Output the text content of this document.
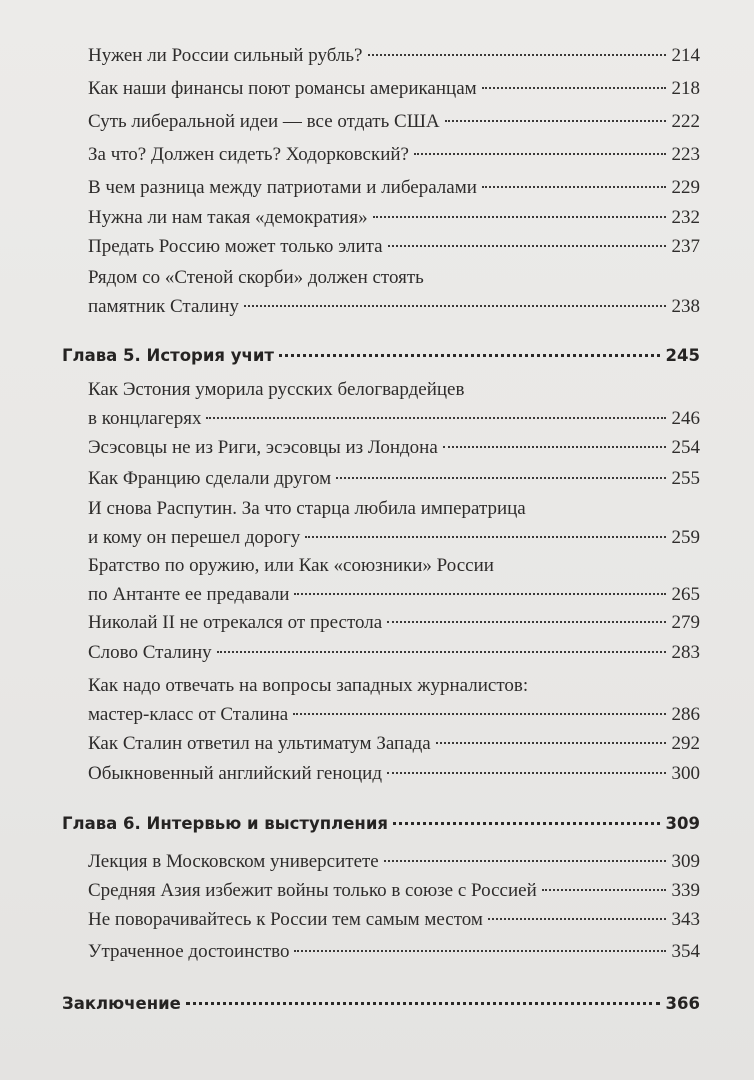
Нужен ли России сильный рубль?	214
Как наши финансы поют романсы американцам	218
Суть либеральной идеи — все отдать США	222
За что? Должен сидеть? Ходорковский?	223
В чем разница между патриотами и либералами	229
Нужна ли нам такая «демократия»	232
Предать Россию может только элита	237
Рядом со «Стеной скорби» должен стоять
памятник Сталину	238
Глава 5. История учит	245
Как Эстония уморила русских белогвардейцев
в концлагерях	246
Эсэсовцы не из Риги, эсэсовцы из Лондона	254
Как Францию сделали другом	255
И снова Распутин. За что старца любила императрица
и кому он перешел дорогу	259
Братство по оружию, или Как «союзники» России
по Антанте ее предавали	265
Николай II не отрекался от престола	279
Слово Сталину	283
Как надо отвечать на вопросы западных журналистов:
мастер-класс от Сталина	286
Как Сталин ответил на ультиматум Запада	292
Обыкновенный английский геноцид	300
Глава 6. Интервью и выступления	309
Лекция в Московском университете	309
Средняя Азия избежит войны только в союзе с Россией	339
Не поворачивайтесь к России тем самым местом	343
Утраченное достоинство	354
Заключение	366
